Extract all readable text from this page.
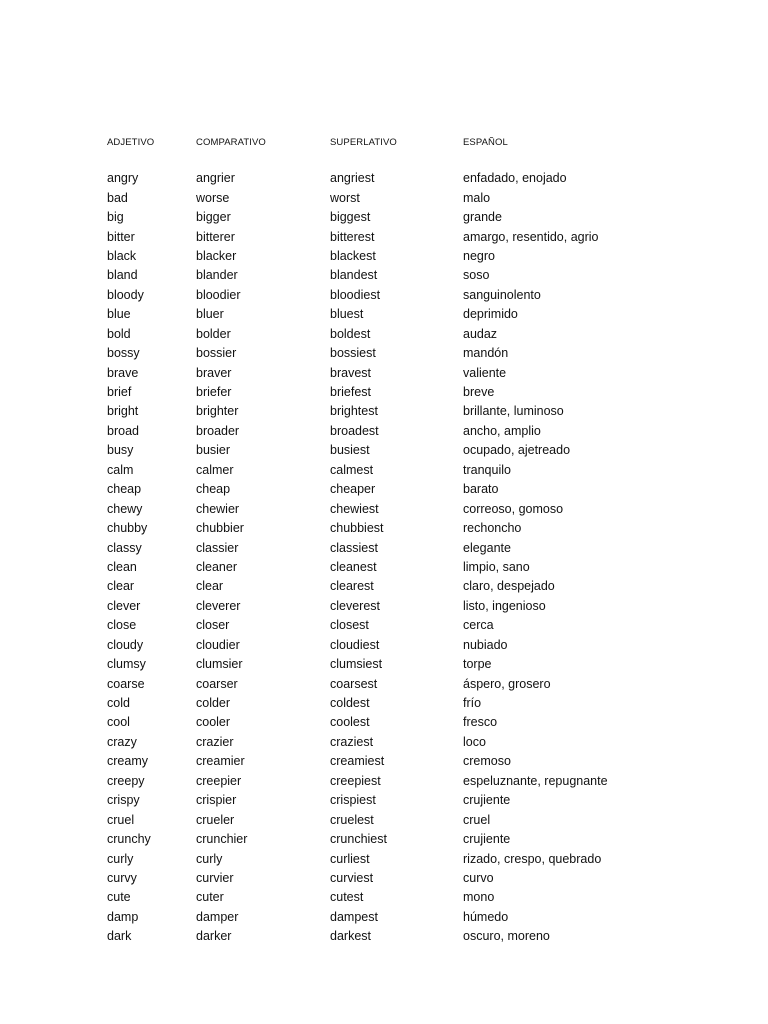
ADJETIVO	COMPARATIVO	SUPERLATIVO	ESPAÑOL
angry	angrier	angriest	enfadado, enojado
bad	worse	worst	malo
big	bigger	biggest	grande
bitter	bitterer	bitterest	amargo, resentido, agrio
black	blacker	blackest	negro
bland	blander	blandest	soso
bloody	bloodier	bloodiest	sanguinolento
blue	bluer	bluest	deprimido
bold	bolder	boldest	audaz
bossy	bossier	bossiest	mandón
brave	braver	bravest	valiente
brief	briefer	briefest	breve
bright	brighter	brightest	brillante, luminoso
broad	broader	broadest	ancho, amplio
busy	busier	busiest	ocupado, ajetreado
calm	calmer	calmest	tranquilo
cheap	cheap	cheaper	barato
chewy	chewier	chewiest	correoso, gomoso
chubby	chubbier	chubbiest	rechoncho
classy	classier	classiest	elegante
clean	cleaner	cleanest	limpio, sano
clear	clear	clearest	claro, despejado
clever	cleverer	cleverest	listo, ingenioso
close	closer	closest	cerca
cloudy	cloudier	cloudiest	nubiado
clumsy	clumsier	clumsiest	torpe
coarse	coarser	coarsest	áspero, grosero
cold	colder	coldest	frío
cool	cooler	coolest	fresco
crazy	crazier	craziest	loco
creamy	creamier	creamiest	cremoso
creepy	creepier	creepiest	espeluznante, repugnante
crispy	crispier	crispiest	crujiente
cruel	crueler	cruelest	cruel
crunchy	crunchier	crunchiest	crujiente
curly	curly	curliest	rizado, crespo, quebrado
curvy	curvier	curviest	curvo
cute	cuter	cutest	mono
damp	damper	dampest	húmedo
dark	darker	darkest	oscuro, moreno
